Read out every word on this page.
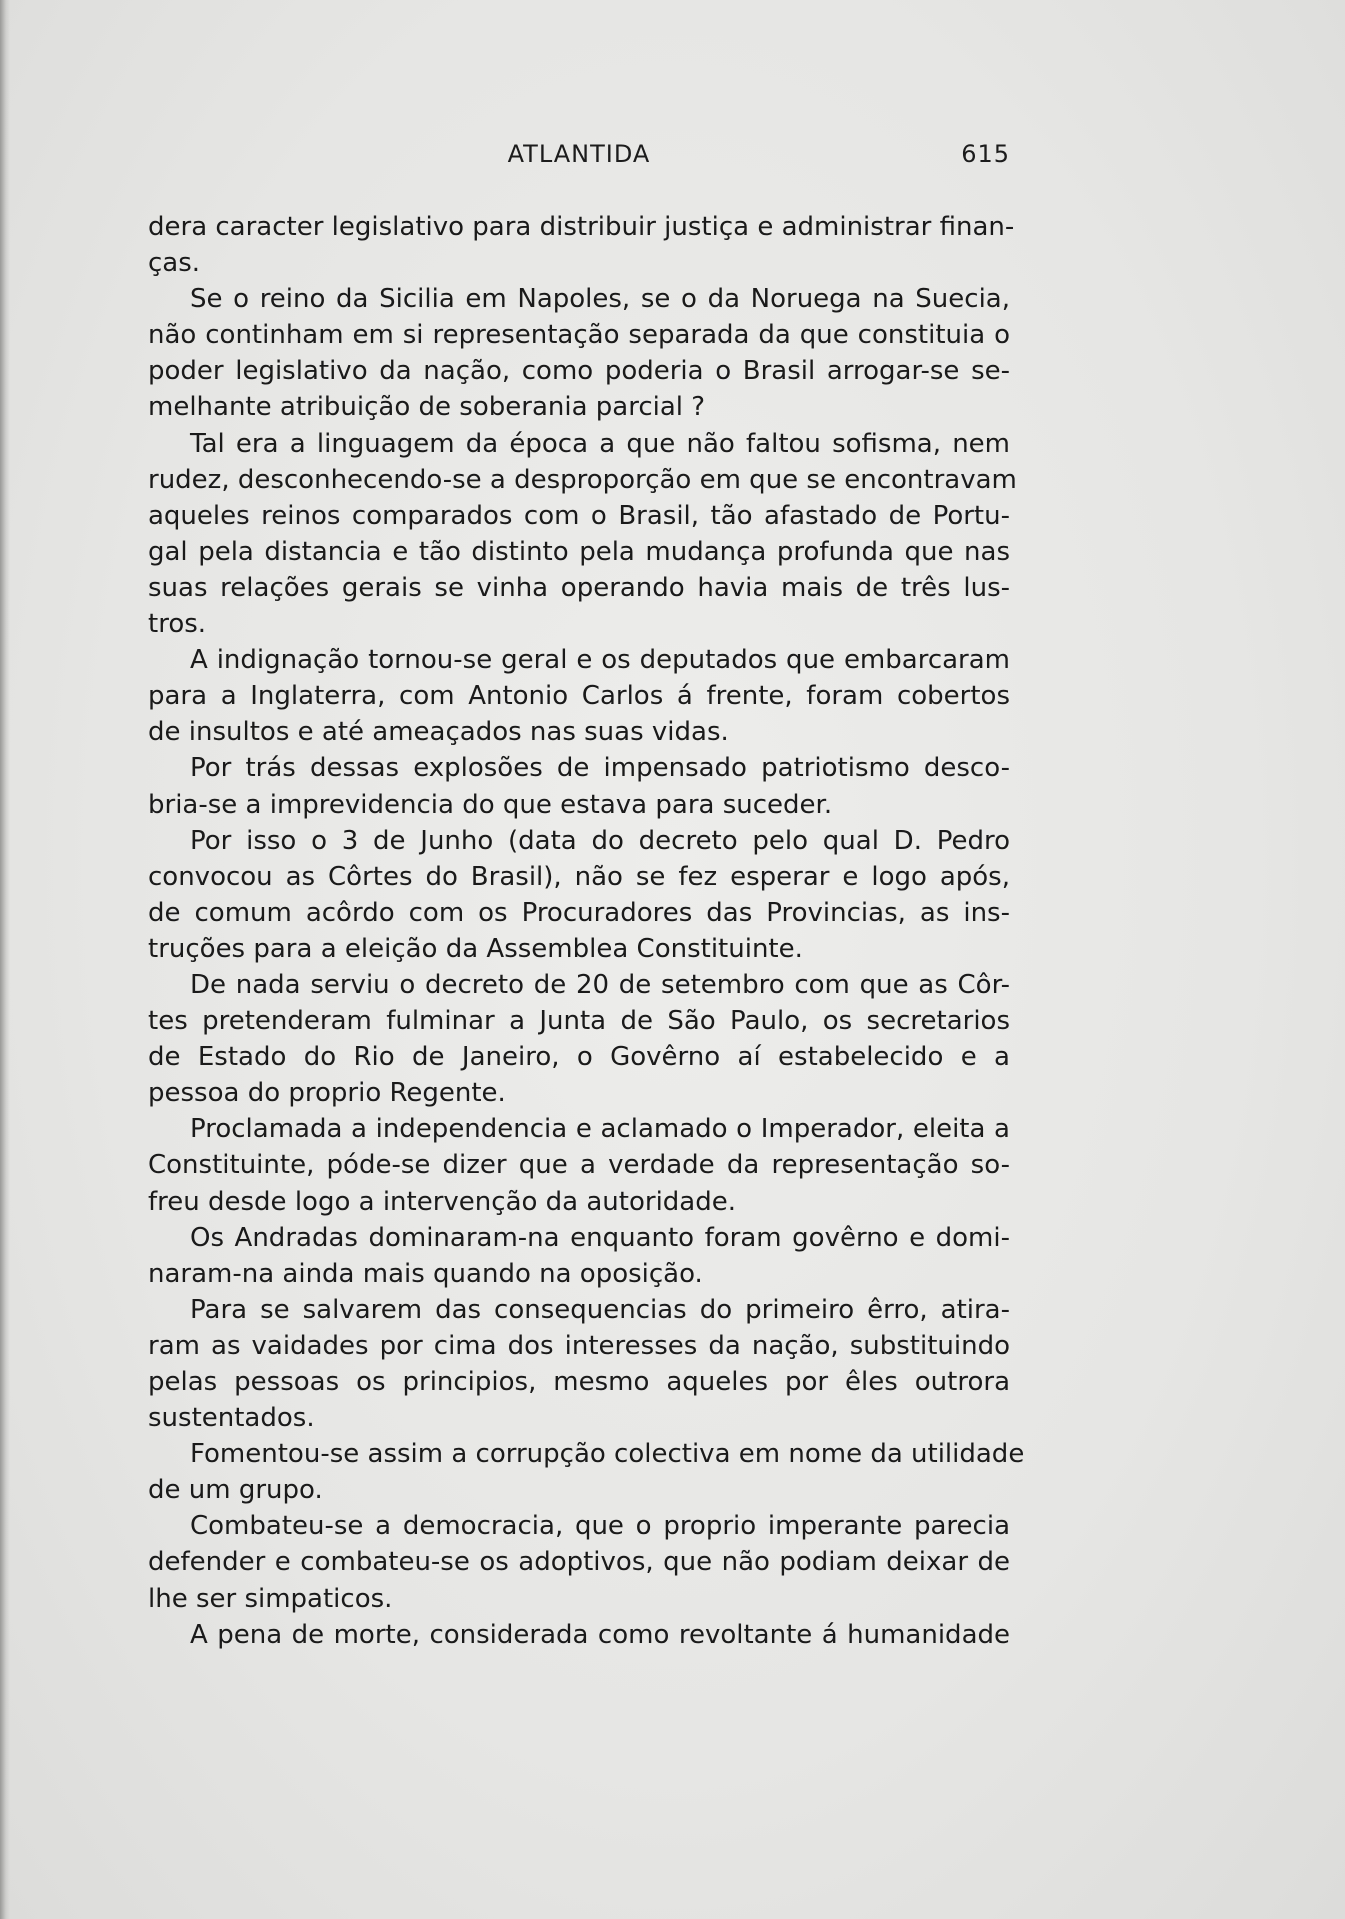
ATLANTIDA	615
dera caracter legislativo para distribuir justiça e administrar finan-
ças.
Se o reino da Sicilia em Napoles, se o da Noruega na Suecia,
não continham em si representação separada da que constituia o
poder legislativo da nação, como poderia o Brasil arrogar-se se-
melhante atribuição de soberania parcial ?
Tal era a linguagem da época a que não faltou sofisma, nem
rudez, desconhecendo-se a desproporção em que se encontravam
aqueles reinos comparados com o Brasil, tão afastado de Portu-
gal pela distancia e tão distinto pela mudança profunda que nas
suas relações gerais se vinha operando havia mais de três lus-
tros.
A indignação tornou-se geral e os deputados que embarcaram
para a Inglaterra, com Antonio Carlos á frente, foram cobertos
de insultos e até ameaçados nas suas vidas.
Por trás dessas explosões de impensado patriotismo desco-
bria-se a imprevidencia do que estava para suceder.
Por isso o 3 de Junho (data do decreto pelo qual D. Pedro
convocou as Côrtes do Brasil), não se fez esperar e logo após,
de comum acôrdo com os Procuradores das Provincias, as ins-
truções para a eleição da Assemblea Constituinte.
De nada serviu o decreto de 20 de setembro com que as Côr-
tes pretenderam fulminar a Junta de São Paulo, os secretarios
de Estado do Rio de Janeiro, o Govêrno aí estabelecido e a
pessoa do proprio Regente.
Proclamada a independencia e aclamado o Imperador, eleita a
Constituinte, póde-se dizer que a verdade da representação so-
freu desde logo a intervenção da autoridade.
Os Andradas dominaram-na enquanto foram govêrno e domi-
naram-na ainda mais quando na oposição.
Para se salvarem das consequencias do primeiro êrro, atira-
ram as vaidades por cima dos interesses da nação, substituindo
pelas pessoas os principios, mesmo aqueles por êles outrora
sustentados.
Fomentou-se assim a corrupção colectiva em nome da utilidade
de um grupo.
Combateu-se a democracia, que o proprio imperante parecia
defender e combateu-se os adoptivos, que não podiam deixar de
lhe ser simpaticos.
A pena de morte, considerada como revoltante á humanidade
